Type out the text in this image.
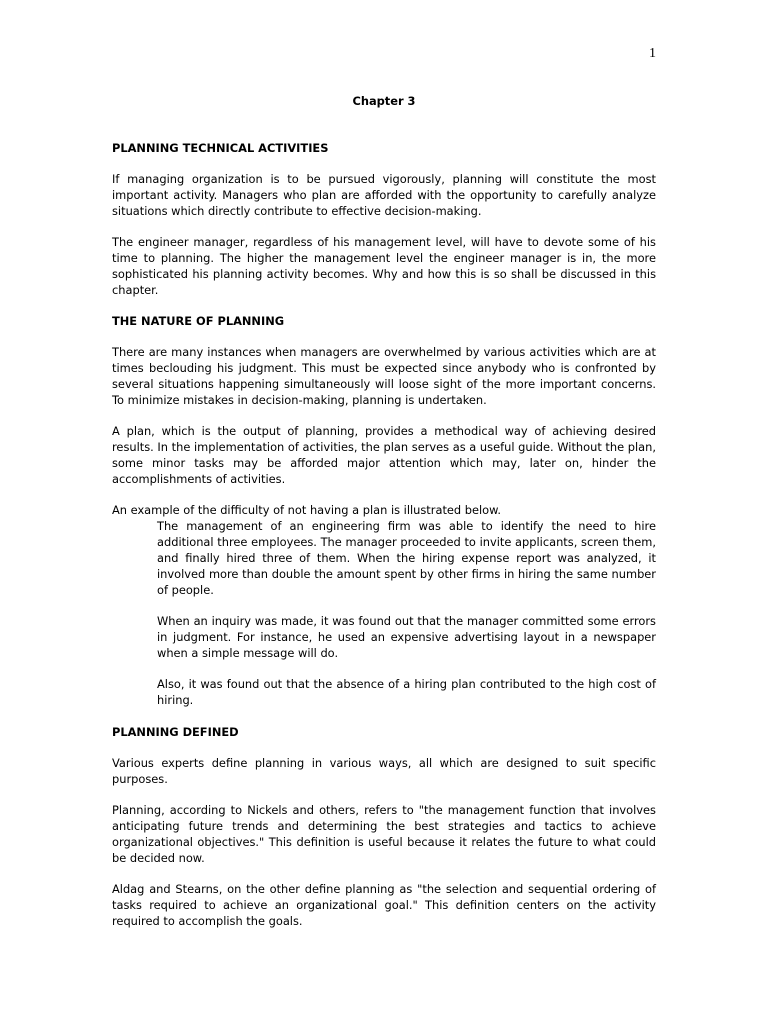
1
Chapter 3
PLANNING TECHNICAL ACTIVITIES

If managing organization is to be pursued vigorously, planning will constitute the most important activity. Managers who plan are afforded with the opportunity to carefully analyze situations which directly contribute to effective decision-making.

The engineer manager, regardless of his management level, will have to devote some of his time to planning. The higher the management level the engineer manager is in, the more sophisticated his planning activity becomes. Why and how this is so shall be discussed in this chapter.

THE NATURE OF PLANNING

There are many instances when managers are overwhelmed by various activities which are at times beclouding his judgment. This must be expected since anybody who is confronted by several situations happening simultaneously will loose sight of the more important concerns. To minimize mistakes in decision-making, planning is undertaken.

A plan, which is the output of planning, provides a methodical way of achieving desired results. In the implementation of activities, the plan serves as a useful guide. Without the plan, some minor tasks may be afforded major attention which may, later on, hinder the accomplishments of activities.

An example of the difficulty of not having a plan is illustrated below.

The management of an engineering firm was able to identify the need to hire additional three employees. The manager proceeded to invite applicants, screen them, and finally hired three of them. When the hiring expense report was analyzed, it involved more than double the amount spent by other firms in hiring the same number of people.

When an inquiry was made, it was found out that the manager committed some errors in judgment. For instance, he used an expensive advertising layout in a newspaper when a simple message will do.

Also, it was found out that the absence of a hiring plan contributed to the high cost of hiring.

PLANNING DEFINED

Various experts define planning in various ways, all which are designed to suit specific purposes.

Planning, according to Nickels and others, refers to "the management function that involves anticipating future trends and determining the best strategies and tactics to achieve organizational objectives." This definition is useful because it relates the future to what could be decided now.

Aldag and Stearns, on the other define planning as "the selection and sequential ordering of tasks required to achieve an organizational goal." This definition centers on the activity required to accomplish the goals.
